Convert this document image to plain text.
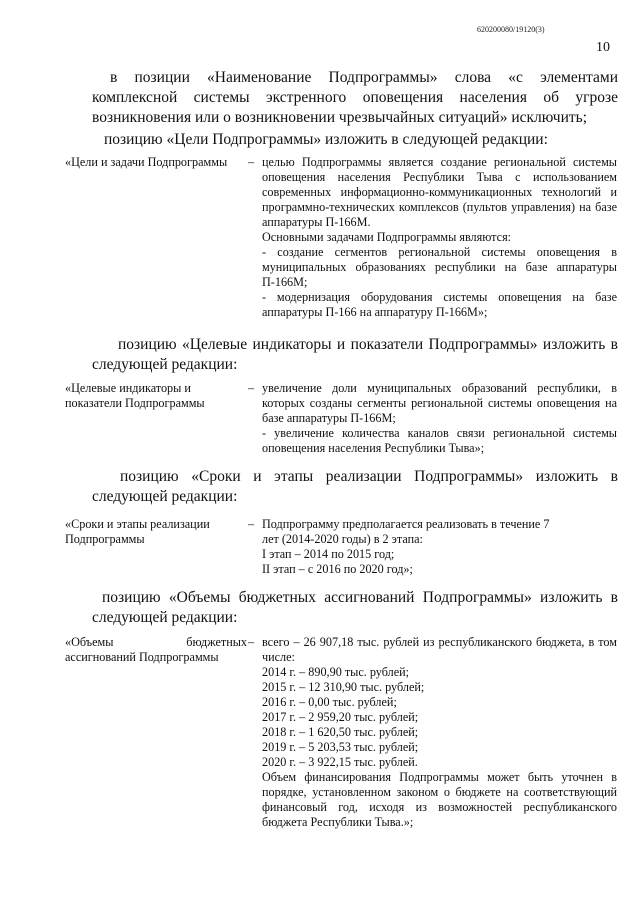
620200080/19120(3)
10
в позиции «Наименование Подпрограммы» слова «с элементами комплексной системы экстренного оповещения населения об угрозе возникновения или о возникновении чрезвычайных ситуаций» исключить;
позицию «Цели Подпрограммы» изложить в следующей редакции:
«Цели и задачи Подпрограммы	– целью Подпрограммы является создание региональной системы оповещения населения Республики Тыва с использованием современных информационно-коммуникационных технологий и программно-технических комплексов (пультов управления) на базе аппаратуры П-166М.
Основными задачами Подпрограммы являются:
- создание сегментов региональной системы оповещения в муниципальных образованиях республики на базе аппаратуры П-166М;
- модернизация оборудования системы оповещения на базе аппаратуры П-166 на аппаратуру П-166М»;
позицию «Целевые индикаторы и показатели Подпрограммы» изложить в следующей редакции:
«Целевые индикаторы и показатели Подпрограммы
– увеличение доли муниципальных образований республики, в которых созданы сегменты региональной системы оповещения на базе аппаратуры П-166М;
- увеличение количества каналов связи региональной системы оповещения населения Республики Тыва»;
позицию «Сроки и этапы реализации Подпрограммы» изложить в следующей редакции:
«Сроки и этапы реализации Подпрограммы
– Подпрограмму предполагается реализовать в течение 7 лет (2014-2020 годы) в 2 этапа:
I этап – 2014 по 2015 год;
II этап – с 2016 по 2020 год»;
позицию «Объемы бюджетных ассигнований Подпрограммы» изложить в следующей редакции:
«Объемы бюджетных ассигнований Подпрограммы
– всего – 26 907,18 тыс. рублей из республиканского бюджета, в том числе:
2014 г. – 890,90 тыс. рублей;
2015 г. – 12 310,90 тыс. рублей;
2016 г. – 0,00 тыс. рублей;
2017 г. – 2 959,20 тыс. рублей;
2018 г. – 1 620,50 тыс. рублей;
2019 г. – 5 203,53 тыс. рублей;
2020 г. – 3 922,15 тыс. рублей.
Объем финансирования Подпрограммы может быть уточнен в порядке, установленном законом о бюджете на соответствующий финансовый год, исходя из возможностей республиканского бюджета Республики Тыва.»;
